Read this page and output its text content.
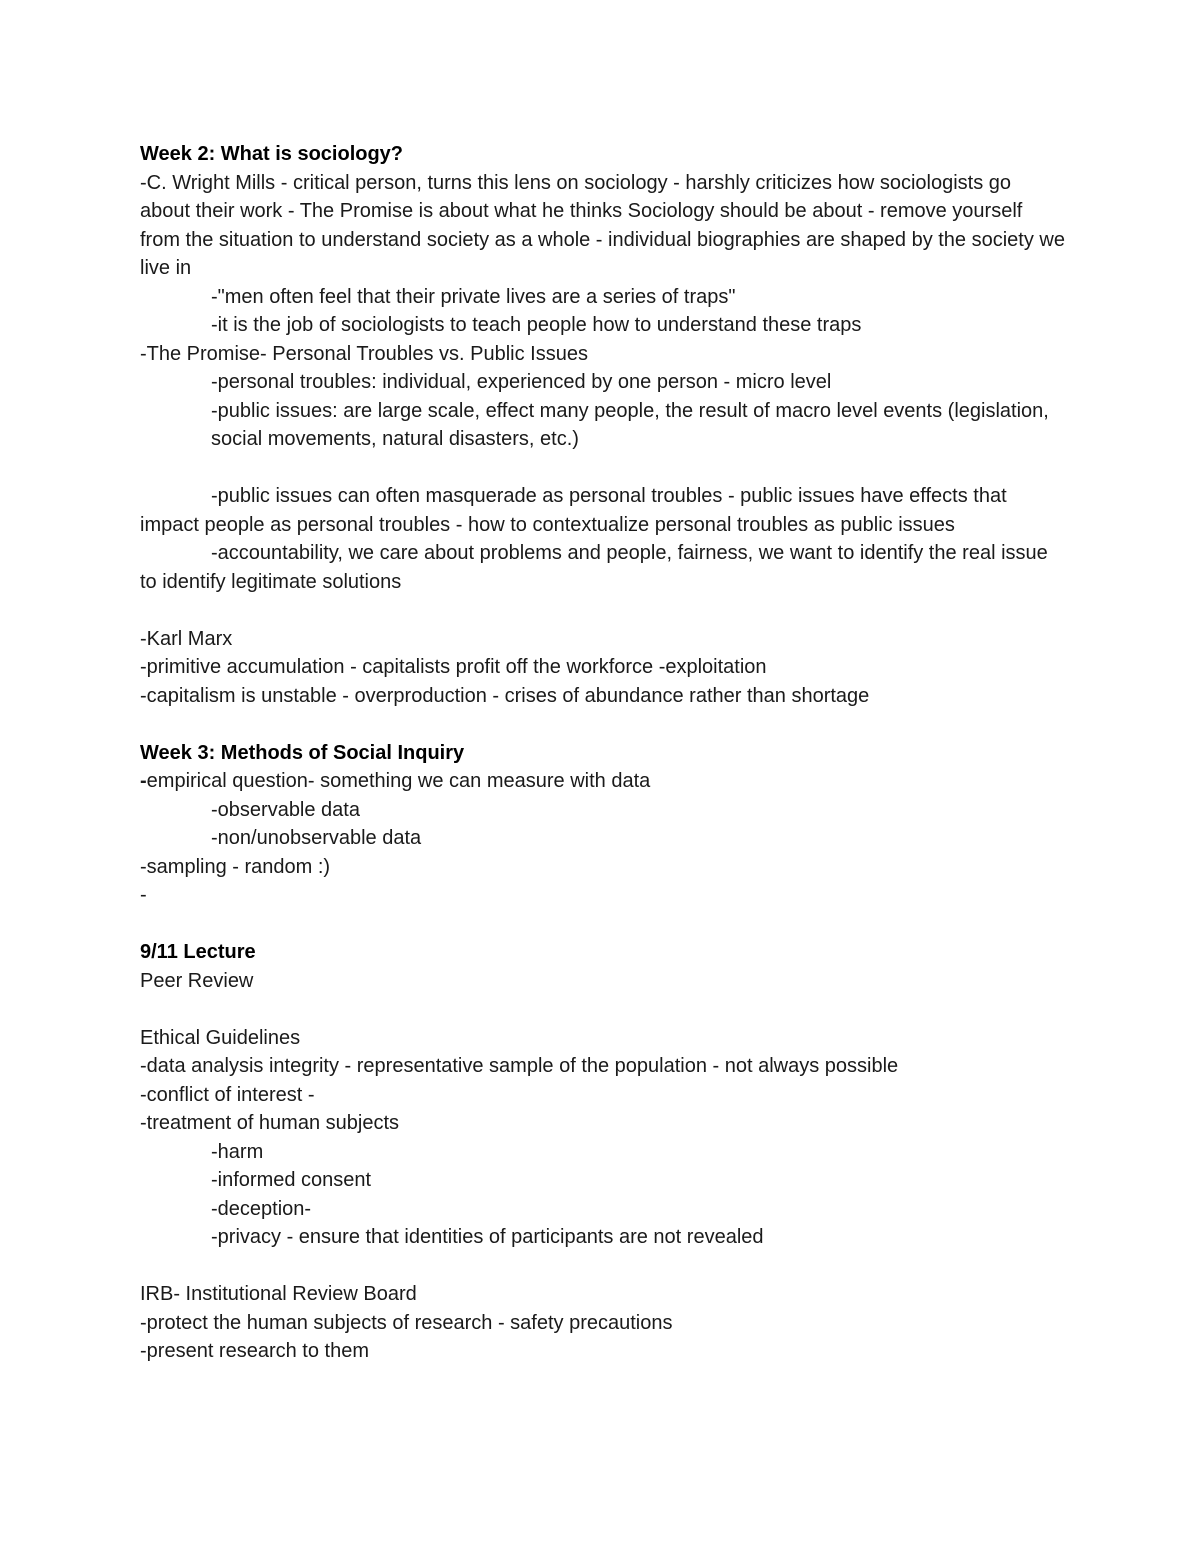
Week 2: What is sociology?

-C. Wright Mills - critical person, turns this lens on sociology - harshly criticizes how sociologists go about their work - The Promise is about what he thinks Sociology should be about - remove yourself from the situation to understand society as a whole - individual biographies are shaped by the society we live in

-"men often feel that their private lives are a series of traps"

-it is the job of sociologists to teach people how to understand these traps

-The Promise- Personal Troubles vs. Public Issues

-personal troubles: individual, experienced by one person - micro level

-public issues: are large scale, effect many people, the result of macro level events (legislation, social movements, natural disasters, etc.)

-public issues can often masquerade as personal troubles - public issues have effects that impact people as personal troubles - how to contextualize personal troubles as public issues

-accountability, we care about problems and people, fairness, we want to identify the real issue to identify legitimate solutions

-Karl Marx

-primitive accumulation - capitalists profit off the workforce -exploitation

-capitalism is unstable - overproduction - crises of abundance rather than shortage

Week 3: Methods of Social Inquiry

-empirical question- something we can measure with data

-observable data

-non/unobservable data

-sampling - random :)

-

9/11 Lecture

Peer Review

Ethical Guidelines

-data analysis integrity - representative sample of the population - not always possible

-conflict of interest -

-treatment of human subjects

-harm

-informed consent

-deception-

-privacy - ensure that identities of participants are not revealed

IRB- Institutional Review Board

-protect the human subjects of research - safety precautions

-present research to them
